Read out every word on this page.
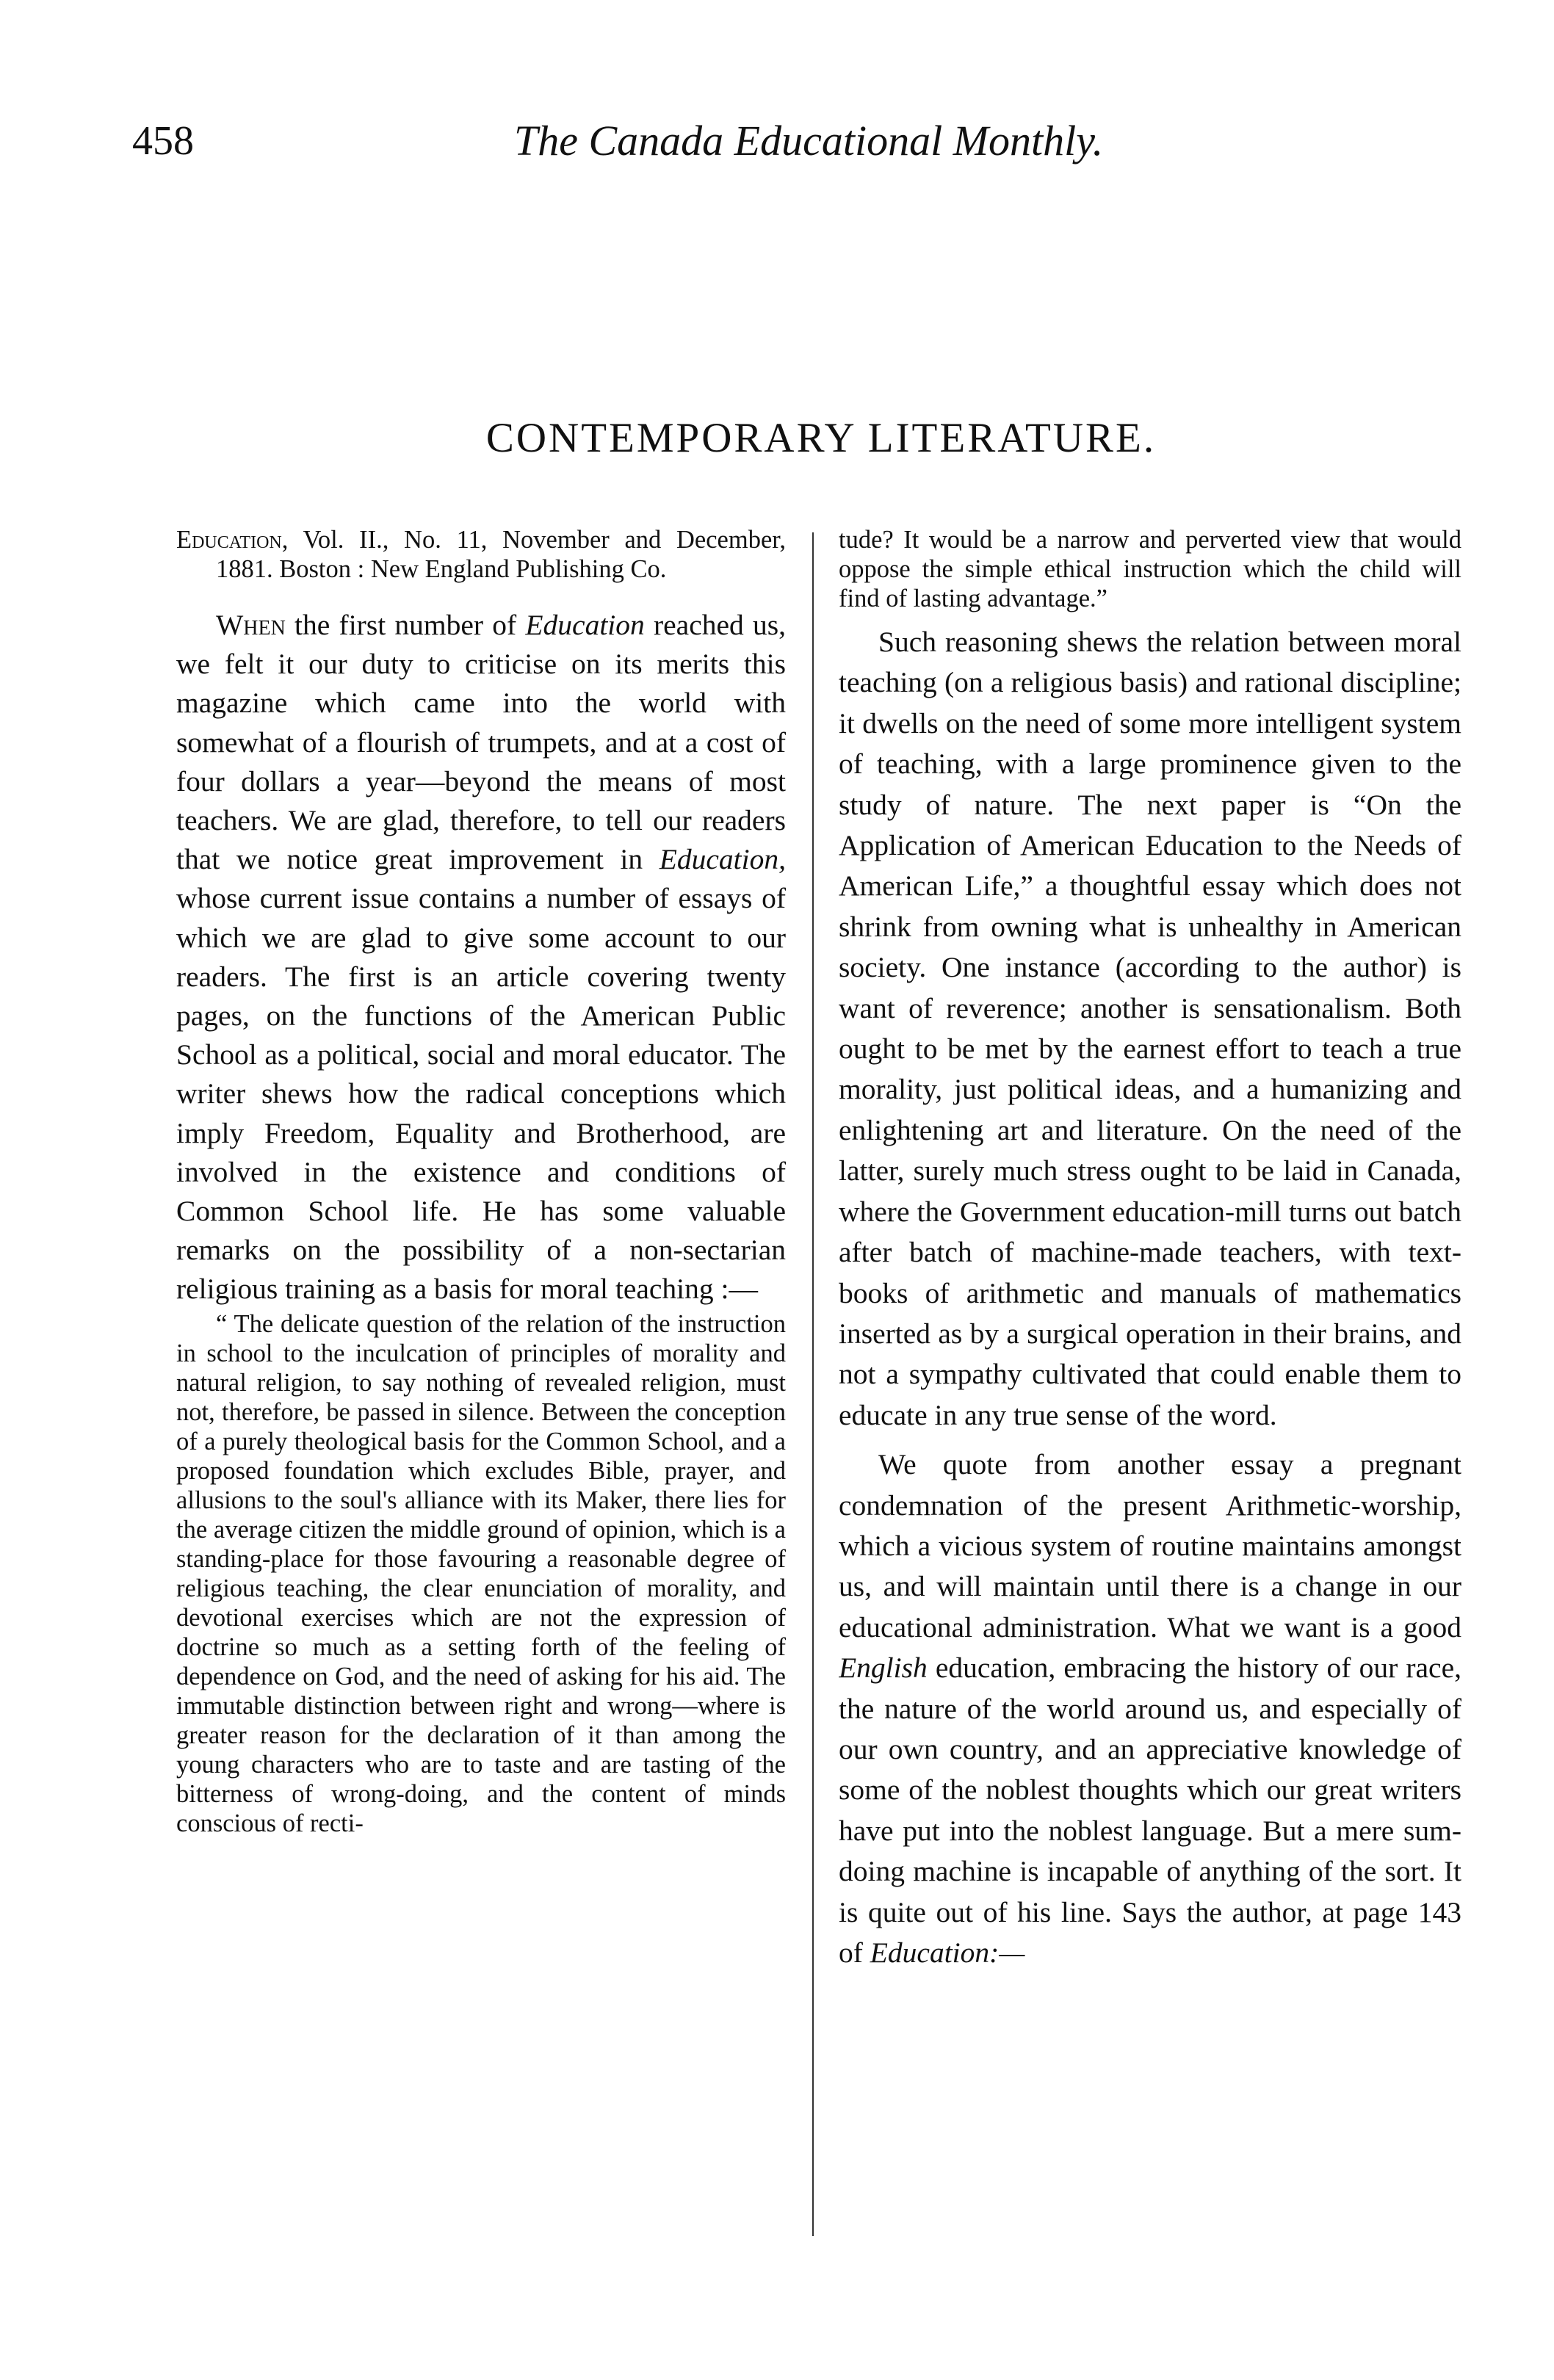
458	The Canada Educational Monthly.
CONTEMPORARY LITERATURE.

Education, Vol. II., No. 11, November and December, 1881. Boston : New England Publishing Co.

When the first number of Education reached us, we felt it our duty to criticise on its merits this magazine which came into the world with somewhat of a flourish of trumpets, and at a cost of four dollars a year—beyond the means of most teachers. We are glad, therefore, to tell our readers that we notice great improvement in Education, whose current issue contains a number of essays of which we are glad to give some account to our readers. The first is an article covering twenty pages, on the functions of the American Public School as a political, social and moral educator. The writer shews how the radical conceptions which imply Freedom, Equality and Brotherhood, are involved in the existence and conditions of Common School life. He has some valuable remarks on the possibility of a non-sectarian religious training as a basis for moral teaching :—

“ The delicate question of the relation of the instruction in school to the inculcation of principles of morality and natural religion, to say nothing of revealed religion, must not, therefore, be passed in silence. Between the conception of a purely theological basis for the Common School, and a proposed foundation which excludes Bible, prayer, and allusions to the soul's alliance with its Maker, there lies for the average citizen the middle ground of opinion, which is a standing-place for those favouring a reasonable degree of religious teaching, the clear enunciation of morality, and devotional exercises which are not the expression of doctrine so much as a setting forth of the feeling of dependence on God, and the need of asking for his aid. The immutable distinction between right and wrong—where is greater reason for the declaration of it than among the young characters who are to taste and are tasting of the bitterness of wrong-doing, and the content of minds conscious of recti-

tude? It would be a narrow and perverted view that would oppose the simple ethical instruction which the child will find of lasting advantage.”

Such reasoning shews the relation between moral teaching (on a religious basis) and rational discipline; it dwells on the need of some more intelligent system of teaching, with a large prominence given to the study of nature. The next paper is “On the Application of American Education to the Needs of American Life,” a thoughtful essay which does not shrink from owning what is unhealthy in American society. One instance (according to the author) is want of reverence; another is sensationalism. Both ought to be met by the earnest effort to teach a true morality, just political ideas, and a humanizing and enlightening art and literature. On the need of the latter, surely much stress ought to be laid in Canada, where the Government education-mill turns out batch after batch of machine-made teachers, with text-books of arithmetic and manuals of mathematics inserted as by a surgical operation in their brains, and not a sympathy cultivated that could enable them to educate in any true sense of the word.

We quote from another essay a pregnant condemnation of the present Arithmetic-worship, which a vicious system of routine maintains amongst us, and will maintain until there is a change in our educational administration. What we want is a good English education, embracing the history of our race, the nature of the world around us, and especially of our own country, and an appreciative knowledge of some of the noblest thoughts which our great writers have put into the noblest language. But a mere sum-doing machine is incapable of anything of the sort. It is quite out of his line. Says the author, at page 143 of Education:—
